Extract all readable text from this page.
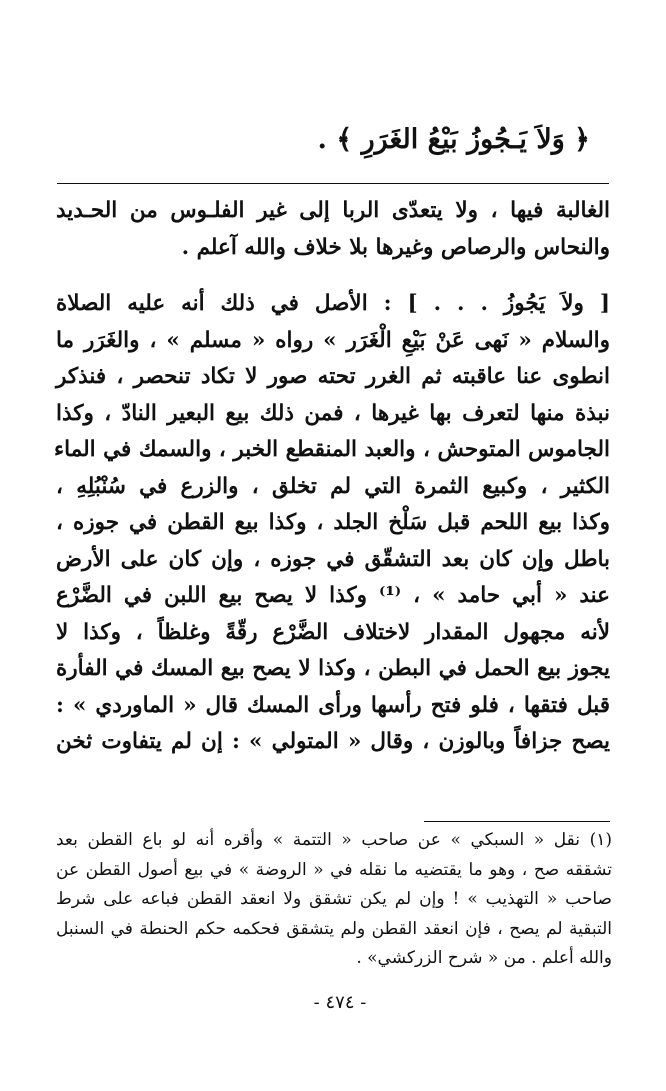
﴿ وَلاَ يَـجُوزُ بَيْعُ الغَرَرِ ﴾ .

الغالبة فيها ، ولا يتعدّى الربا إلى غير الفلـوس من الحـديد
والنحاس والرصاص وغيرها بلا خلاف والله آعلم .

[ ولاَ يَجُوزُ . . . ] : الأصل في ذلك أنه عليه الصلاة
والسلام « نَهى عَنْ بَيْعِ الْغَرَر » رواه « مسلم » ، والغَرَر ما
انطوى عنا عاقبته ثم الغرر تحته صور لا تكاد تنحصر ، فنذكر
نبذة منها لتعرف بها غيرها ، فمن ذلك بيع البعير النادّ ، وكذا
الجاموس المتوحش ، والعبد المنقطع الخبر ، والسمك في الماء
الكثير ، وكبيع الثمرة التي لم تخلق ، والزرع في سُنْبُلِهِ ،
وكذا بيع اللحم قبل سَلْخ الجلد ، وكذا بيع القطن في جوزه ،
باطل وإن كان بعد التشقّق في جوزه ، وإن كان على الأرض
عند « أبي حامد » ، ⁽¹⁾ وكذا لا يصح بيع اللبن في الضَّرْع
لأنه مجهول المقدار لاختلاف الضَّرْع رقّةً وغلظاً ، وكذا لا
يجوز بيع الحمل في البطن ، وكذا لا يصح بيع المسك في الفأرة
قبل فتقها ، فلو فتح رأسها ورأى المسك قال « الماوردي » :
يصح جزافاً وبالوزن ، وقال « المتولي » : إن لم يتفاوت ثخن

(١) نقل « السبكي » عن صاحب « التتمة » وأقره أنه لو باع القطن بعد
تشققه صح ، وهو ما يقتضيه ما نقله في « الروضة » في بيع أصول القطن عن
صاحب « التهذيب » ! وإن لم يكن تشقق ولا انعقد القطن فباعه على شرط
التبقية لم يصح ، فإن انعقد القطن ولم يتشقق فحكمه حكم الحنطة في السنبل
والله أعلم . من « شرح الزركشي» .
- ٤٧٤ -
